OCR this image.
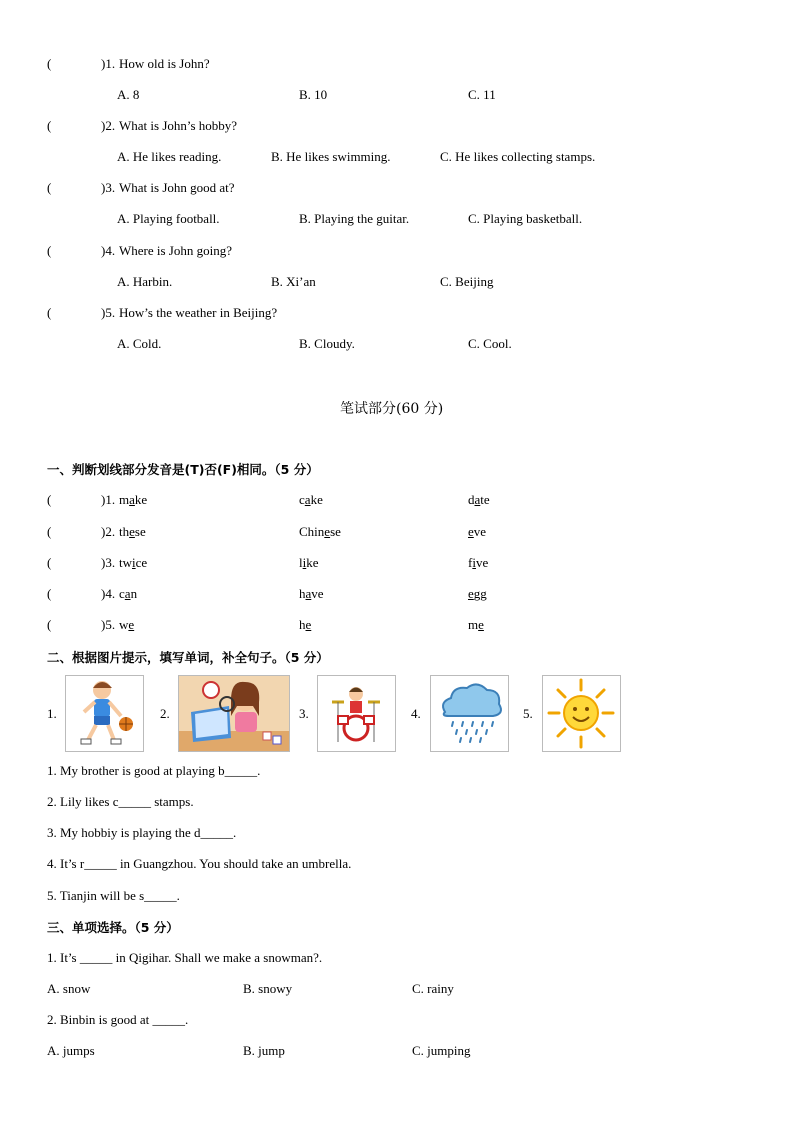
(	)1. How old is John?
A. 8	B. 10	C. 11
(	)2. What is John’s hobby?
A. He likes reading.	B. He likes swimming.	C. He likes collecting stamps.
(	)3. What is John good at?
A. Playing football.	B. Playing the guitar.	C. Playing basketball.
(	)4. Where is John going?
A. Harbin.	B. Xi’an	C. Beijing
(	)5. How’s the weather in Beijing?
A. Cold.	B. Cloudy.	C. Cool.
笔试部分(60 分)
一、判断划线部分发音是(T)否(F)相同。（5 分）
(	)1. make	cake	date
(	)2. these	Chinese	eve
(	)3. twice	like	five
(	)4. can	have	egg
(	)5. we	he	me
二、根据图片提示，填写单词，补全句子。（5 分）
1.	2.	3.	4.	5.
1. My brother is good at playing b_____.
2. Lily likes c_____ stamps.
3. My hobbiy is playing the d_____.
4. It’s r_____ in Guangzhou. You should take an umbrella.
5. Tianjin will be s_____.
三、单项选择。（5 分）
1. It’s _____ in Qigihar. Shall we make a snowman?.
A. snow	B. snowy	C. rainy
2. Binbin is good at _____.
A. jumps	B. jump	C. jumping
